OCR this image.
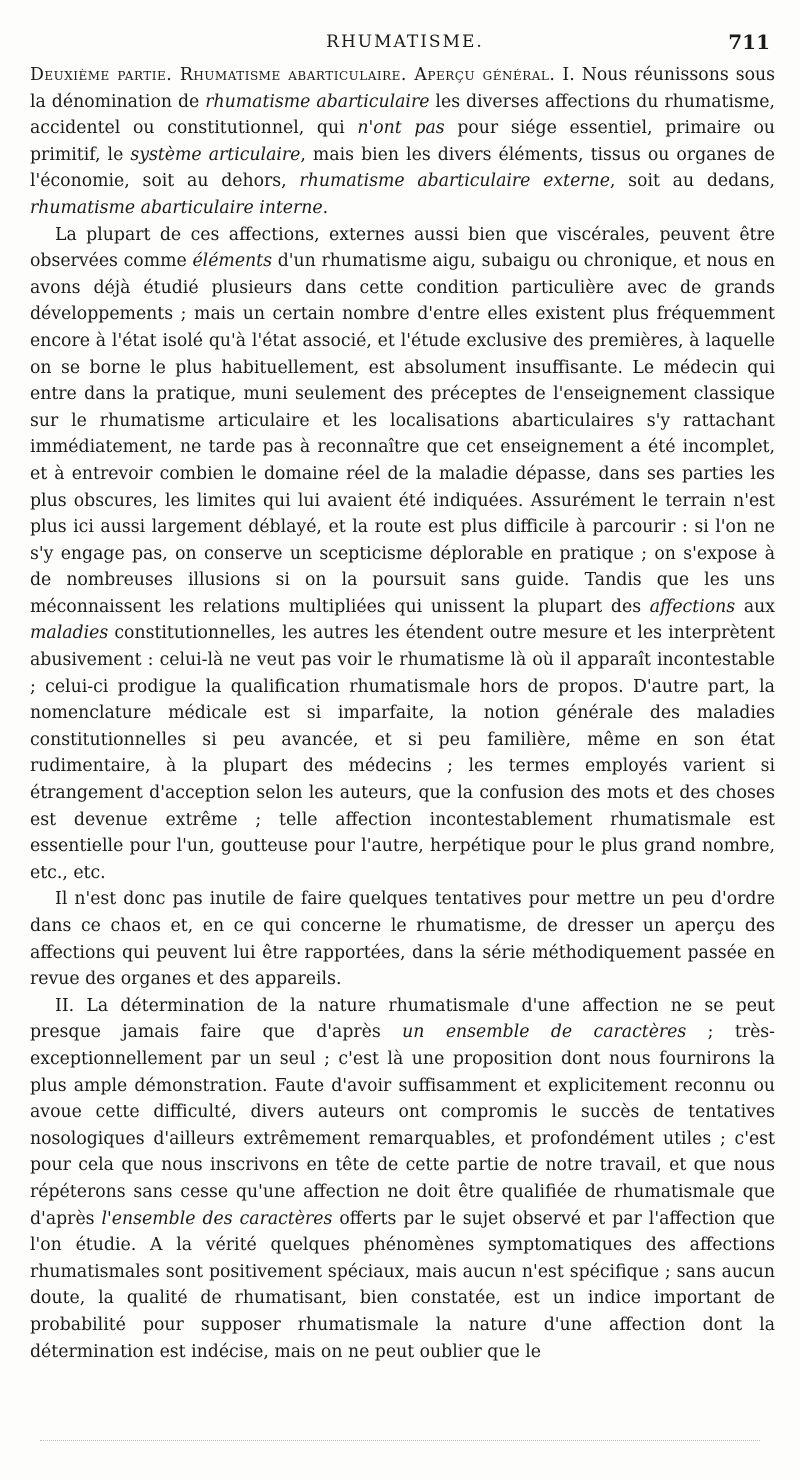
RHUMATISME.	711

Deuxième partie. Rhumatisme abarticulaire. Aperçu général. I. Nous réunissons sous la dénomination de rhumatisme abarticulaire les diverses affections du rhumatisme, accidentel ou constitutionnel, qui n'ont pas pour siége essentiel, primaire ou primitif, le système articulaire, mais bien les divers éléments, tissus ou organes de l'économie, soit au dehors, rhumatisme abarticulaire externe, soit au dedans, rhumatisme abarticulaire interne.

La plupart de ces affections, externes aussi bien que viscérales, peuvent être observées comme éléments d'un rhumatisme aigu, subaigu ou chronique, et nous en avons déjà étudié plusieurs dans cette condition particulière avec de grands développements ; mais un certain nombre d'entre elles existent plus fréquemment encore à l'état isolé qu'à l'état associé, et l'étude exclusive des premières, à laquelle on se borne le plus habituellement, est absolument insuffisante. Le médecin qui entre dans la pratique, muni seulement des préceptes de l'enseignement classique sur le rhumatisme articulaire et les localisations abarticulaires s'y rattachant immédiatement, ne tarde pas à reconnaître que cet enseignement a été incomplet, et à entrevoir combien le domaine réel de la maladie dépasse, dans ses parties les plus obscures, les limites qui lui avaient été indiquées. Assurément le terrain n'est plus ici aussi largement déblayé, et la route est plus difficile à parcourir : si l'on ne s'y engage pas, on conserve un scepticisme déplorable en pratique ; on s'expose à de nombreuses illusions si on la poursuit sans guide. Tandis que les uns méconnaissent les relations multipliées qui unissent la plupart des affections aux maladies constitutionnelles, les autres les étendent outre mesure et les interprètent abusivement : celui-là ne veut pas voir le rhumatisme là où il apparaît incontestable ; celui-ci prodigue la qualification rhumatismale hors de propos. D'autre part, la nomenclature médicale est si imparfaite, la notion générale des maladies constitutionnelles si peu avancée, et si peu familière, même en son état rudimentaire, à la plupart des médecins ; les termes employés varient si étrangement d'acception selon les auteurs, que la confusion des mots et des choses est devenue extrême ; telle affection incontestablement rhumatismale est essentielle pour l'un, goutteuse pour l'autre, herpétique pour le plus grand nombre, etc., etc.

Il n'est donc pas inutile de faire quelques tentatives pour mettre un peu d'ordre dans ce chaos et, en ce qui concerne le rhumatisme, de dresser un aperçu des affections qui peuvent lui être rapportées, dans la série méthodiquement passée en revue des organes et des appareils.

II. La détermination de la nature rhumatismale d'une affection ne se peut presque jamais faire que d'après un ensemble de caractères ; très-exceptionnellement par un seul ; c'est là une proposition dont nous fournirons la plus ample démonstration. Faute d'avoir suffisamment et explicitement reconnu ou avoue cette difficulté, divers auteurs ont compromis le succès de tentatives nosologiques d'ailleurs extrêmement remarquables, et profondément utiles ; c'est pour cela que nous inscrivons en tête de cette partie de notre travail, et que nous répéterons sans cesse qu'une affection ne doit être qualifiée de rhumatismale que d'après l'ensemble des caractères offerts par le sujet observé et par l'affection que l'on étudie. A la vérité quelques phénomènes symptomatiques des affections rhumatismales sont positivement spéciaux, mais aucun n'est spécifique ; sans aucun doute, la qualité de rhumatisant, bien constatée, est un indice important de probabilité pour supposer rhumatismale la nature d'une affection dont la détermination est indécise, mais on ne peut oublier que le
